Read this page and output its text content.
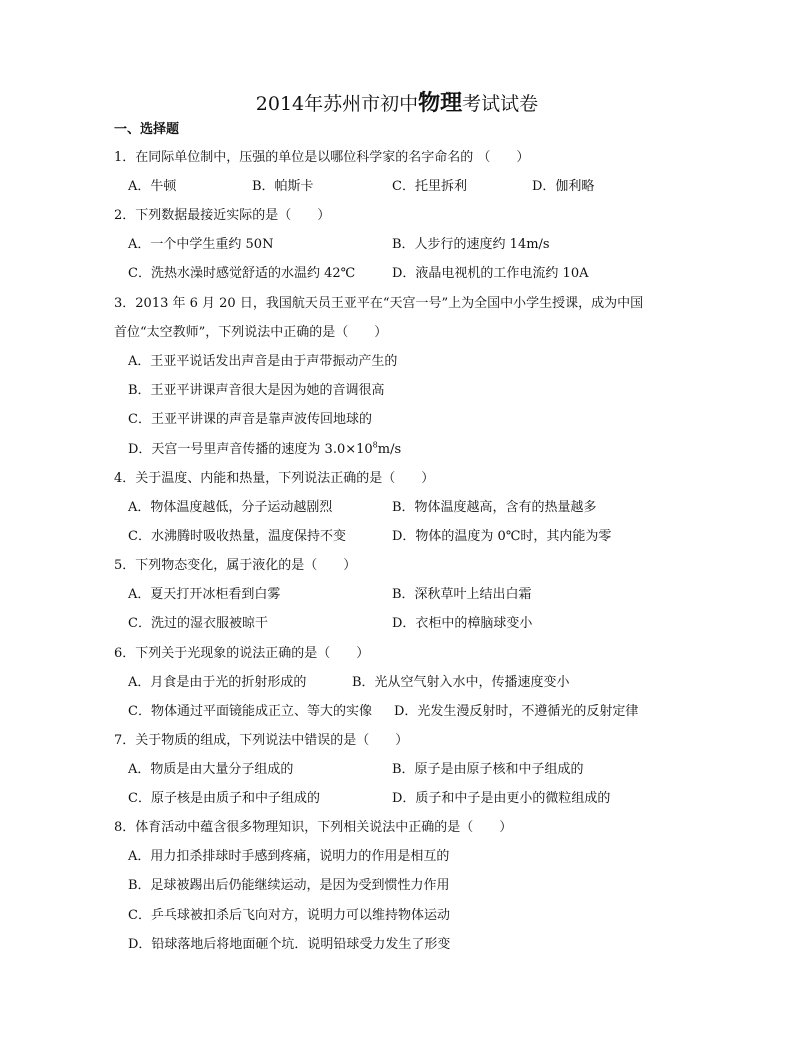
2014年苏州市初中物理考试试卷
一、选择题
1．在同际单位制中，压强的单位是以哪位科学家的名字命名的 （　　）
A．牛顿	B．帕斯卡	C．托里拆利	D．伽利略
2．下列数据最接近实际的是（　　）
A．一个中学生重约 50N	B．人步行的速度约 14m/s
C．洗热水澡时感觉舒适的水温约 42℃	D．液晶电视机的工作电流约 10A
3．2013 年 6 月 20 日，我国航天员王亚平在“天宫一号”上为全国中小学生授课，成为中国
首位“太空教师”，下列说法中正确的是（　　）
A．王亚平说话发出声音是由于声带振动产生的
B．王亚平讲课声音很大是因为她的音调很高
C．王亚平讲课的声音是靠声波传回地球的
D．天宫一号里声音传播的速度为 $3.0\times 10^8m/s$
4．关于温度、内能和热量，下列说法正确的是（　　）
A．物体温度越低，分子运动越剧烈	B．物体温度越高，含有的热量越多
C．水沸腾时吸收热量，温度保持不变	D．物体的温度为 0℃时，其内能为零
5．下列物态变化，属于液化的是（　　）
A．夏天打开冰柜看到白雾	B．深秋草叶上结出白霜
C．洗过的湿衣服被晾干	D．衣柜中的樟脑球变小
6．下列关于光现象的说法正确的是（　　）
A．月食是由于光的折射形成的	B．光从空气射入水中，传播速度变小
C．物体通过平面镜能成正立、等大的实像 D．光发生漫反射时，不遵循光的反射定律
7．关于物质的组成，下列说法中错误的是（　　）
A．物质是由大量分子组成的	B．原子是由原子核和中子组成的
C．原子核是由质子和中子组成的	D．质子和中子是由更小的微粒组成的
8．体育活动中蕴含很多物理知识，下列相关说法中正确的是（　　）
A．用力扣杀排球时手感到疼痛，说明力的作用是相互的
B．足球被踢出后仍能继续运动，是因为受到惯性力作用
C．乒乓球被扣杀后飞向对方，说明力可以维持物体运动
D．铅球落地后将地面砸个坑．说明铅球受力发生了形变
